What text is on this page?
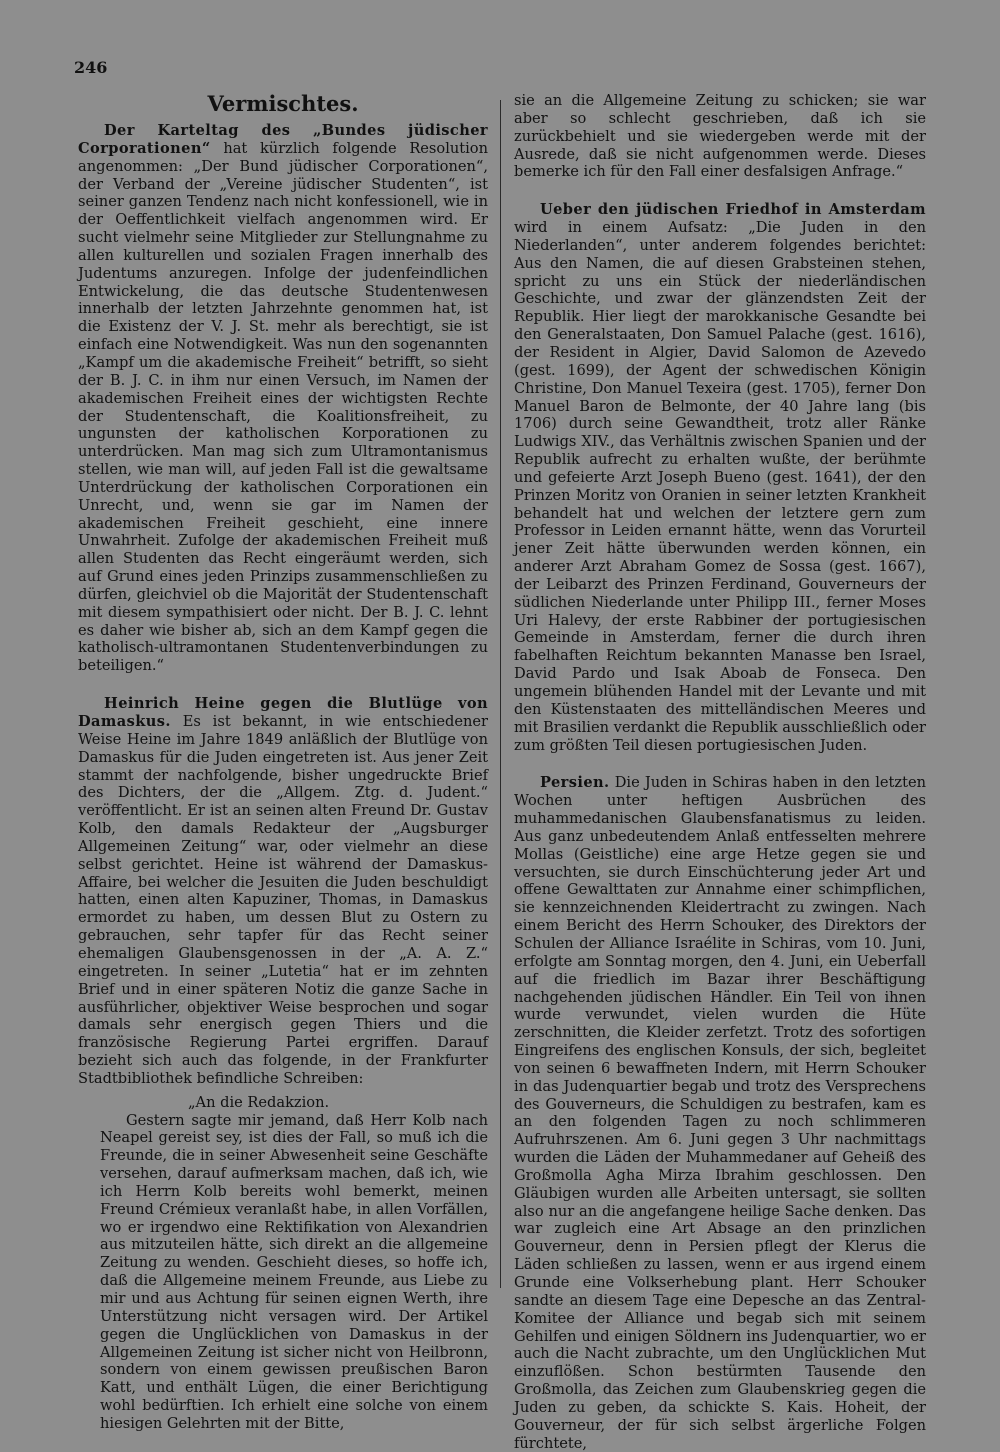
246
Vermischtes.

Der Karteltag des „Bundes jüdischer Corporationen“ hat kürzlich folgende Resolution angenommen: „Der Bund jüdischer Corporationen“, der Verband der „Vereine jüdischer Studenten“, ist seiner ganzen Tendenz nach nicht konfessionell, wie in der Oeffentlichkeit vielfach angenommen wird. Er sucht vielmehr seine Mitglieder zur Stellungnahme zu allen kulturellen und sozialen Fragen innerhalb des Judentums anzuregen. Infolge der judenfeindlichen Entwickelung, die das deutsche Studentenwesen innerhalb der letzten Jahrzehnte genommen hat, ist die Existenz der V. J. St. mehr als berechtigt, sie ist einfach eine Notwendigkeit. Was nun den sogenannten „Kampf um die akademische Freiheit“ betrifft, so sieht der B. J. C. in ihm nur einen Versuch, im Namen der akademischen Freiheit eines der wichtigsten Rechte der Studentenschaft, die Koalitionsfreiheit, zu ungunsten der katholischen Korporationen zu unterdrücken. Man mag sich zum Ultramontanismus stellen, wie man will, auf jeden Fall ist die gewaltsame Unterdrückung der katholischen Corporationen ein Unrecht, und, wenn sie gar im Namen der akademischen Freiheit geschieht, eine innere Unwahrheit. Zufolge der akademischen Freiheit muß allen Studenten das Recht eingeräumt werden, sich auf Grund eines jeden Prinzips zusammenschließen zu dürfen, gleichviel ob die Majorität der Studentenschaft mit diesem sympathisiert oder nicht. Der B. J. C. lehnt es daher wie bisher ab, sich an dem Kampf gegen die katholisch-ultramontanen Studentenverbindungen zu beteiligen.“

Heinrich Heine gegen die Blutlüge von Damaskus. Es ist bekannt, in wie entschiedener Weise Heine im Jahre 1849 anläßlich der Blutlüge von Damaskus für die Juden eingetreten ist. Aus jener Zeit stammt der nachfolgende, bisher ungedruckte Brief des Dichters, der die „Allgem. Ztg. d. Judent.“ veröffentlicht. Er ist an seinen alten Freund Dr. Gustav Kolb, den damals Redakteur der „Augsburger Allgemeinen Zeitung“ war, oder vielmehr an diese selbst gerichtet. Heine ist während der Damaskus-Affaire, bei welcher die Jesuiten die Juden beschuldigt hatten, einen alten Kapuziner, Thomas, in Damaskus ermordet zu haben, um dessen Blut zu Ostern zu gebrauchen, sehr tapfer für das Recht seiner ehemaligen Glaubensgenossen in der „A. A. Z.“ eingetreten. In seiner „Lutetia“ hat er im zehnten Brief und in einer späteren Notiz die ganze Sache in ausführlicher, objektiver Weise besprochen und sogar damals sehr energisch gegen Thiers und die französische Regierung Partei ergriffen. Darauf bezieht sich auch das folgende, in der Frankfurter Stadtbibliothek befindliche Schreiben:

„An die Redakzion.

Gestern sagte mir jemand, daß Herr Kolb nach Neapel gereist sey, ist dies der Fall, so muß ich die Freunde, die in seiner Abwesenheit seine Geschäfte versehen, darauf aufmerksam machen, daß ich, wie ich Herrn Kolb bereits wohl bemerkt, meinen Freund Crémieux veranlaßt habe, in allen Vorfällen, wo er irgendwo eine Rektifikation von Alexandrien aus mitzuteilen hätte, sich direkt an die allgemeine Zeitung zu wenden. Geschieht dieses, so hoffe ich, daß die Allgemeine meinem Freunde, aus Liebe zu mir und aus Achtung für seinen eignen Werth, ihre Unterstützung nicht versagen wird. Der Artikel gegen die Unglücklichen von Damaskus in der Allgemeinen Zeitung ist sicher nicht von Heilbronn, sondern von einem gewissen preußischen Baron Katt, und enthält Lügen, die einer Berichtigung wohl bedürftien. Ich erhielt eine solche von einem hiesigen Gelehrten mit der Bitte,

sie an die Allgemeine Zeitung zu schicken; sie war aber so schlecht geschrieben, daß ich sie zurückbehielt und sie wiedergeben werde mit der Ausrede, daß sie nicht aufgenommen werde. Dieses bemerke ich für den Fall einer desfalsigen Anfrage.“

Ueber den jüdischen Friedhof in Amsterdam wird in einem Aufsatz: „Die Juden in den Niederlanden“, unter anderem folgendes berichtet: Aus den Namen, die auf diesen Grabsteinen stehen, spricht zu uns ein Stück der niederländischen Geschichte, und zwar der glänzendsten Zeit der Republik. Hier liegt der marokkanische Gesandte bei den Generalstaaten, Don Samuel Palache (gest. 1616), der Resident in Algier, David Salomon de Azevedo (gest. 1699), der Agent der schwedischen Königin Christine, Don Manuel Texeira (gest. 1705), ferner Don Manuel Baron de Belmonte, der 40 Jahre lang (bis 1706) durch seine Gewandtheit, trotz aller Ränke Ludwigs XIV., das Verhältnis zwischen Spanien und der Republik aufrecht zu erhalten wußte, der berühmte und gefeierte Arzt Joseph Bueno (gest. 1641), der den Prinzen Moritz von Oranien in seiner letzten Krankheit behandelt hat und welchen der letztere gern zum Professor in Leiden ernannt hätte, wenn das Vorurteil jener Zeit hätte überwunden werden können, ein anderer Arzt Abraham Gomez de Sossa (gest. 1667), der Leibarzt des Prinzen Ferdinand, Gouverneurs der südlichen Niederlande unter Philipp III., ferner Moses Uri Halevy, der erste Rabbiner der portugiesischen Gemeinde in Amsterdam, ferner die durch ihren fabelhaften Reichtum bekannten Manasse ben Israel, David Pardo und Isak Aboab de Fonseca. Den ungemein blühenden Handel mit der Levante und mit den Küstenstaaten des mittelländischen Meeres und mit Brasilien verdankt die Republik ausschließlich oder zum größten Teil diesen portugiesischen Juden.

Persien. Die Juden in Schiras haben in den letzten Wochen unter heftigen Ausbrüchen des muhammedanischen Glaubensfanatismus zu leiden. Aus ganz unbedeutendem Anlaß entfesselten mehrere Mollas (Geistliche) eine arge Hetze gegen sie und versuchten, sie durch Einschüchterung jeder Art und offene Gewalttaten zur Annahme einer schimpflichen, sie kennzeichnenden Kleidertracht zu zwingen. Nach einem Bericht des Herrn Schouker, des Direktors der Schulen der Alliance Israélite in Schiras, vom 10. Juni, erfolgte am Sonntag morgen, den 4. Juni, ein Ueberfall auf die friedlich im Bazar ihrer Beschäftigung nachgehenden jüdischen Händler. Ein Teil von ihnen wurde verwundet, vielen wurden die Hüte zerschnitten, die Kleider zerfetzt. Trotz des sofortigen Eingreifens des englischen Konsuls, der sich, begleitet von seinen 6 bewaffneten Indern, mit Herrn Schouker in das Judenquartier begab und trotz des Versprechens des Gouverneurs, die Schuldigen zu bestrafen, kam es an den folgenden Tagen zu noch schlimmeren Aufruhrszenen. Am 6. Juni gegen 3 Uhr nachmittags wurden die Läden der Muhammedaner auf Geheiß des Großmolla Agha Mirza Ibrahim geschlossen. Den Gläubigen wurden alle Arbeiten untersagt, sie sollten also nur an die angefangene heilige Sache denken. Das war zugleich eine Art Absage an den prinzlichen Gouverneur, denn in Persien pflegt der Klerus die Läden schließen zu lassen, wenn er aus irgend einem Grunde eine Volkserhebung plant. Herr Schouker sandte an diesem Tage eine Depesche an das Zentral-Komitee der Alliance und begab sich mit seinem Gehilfen und einigen Söldnern ins Judenquartier, wo er auch die Nacht zubrachte, um den Unglücklichen Mut einzuflößen. Schon bestürmten Tausende den Großmolla, das Zeichen zum Glaubenskrieg gegen die Juden zu geben, da schickte S. Kais. Hoheit, der Gouverneur, der für sich selbst ärgerliche Folgen fürchtete,
